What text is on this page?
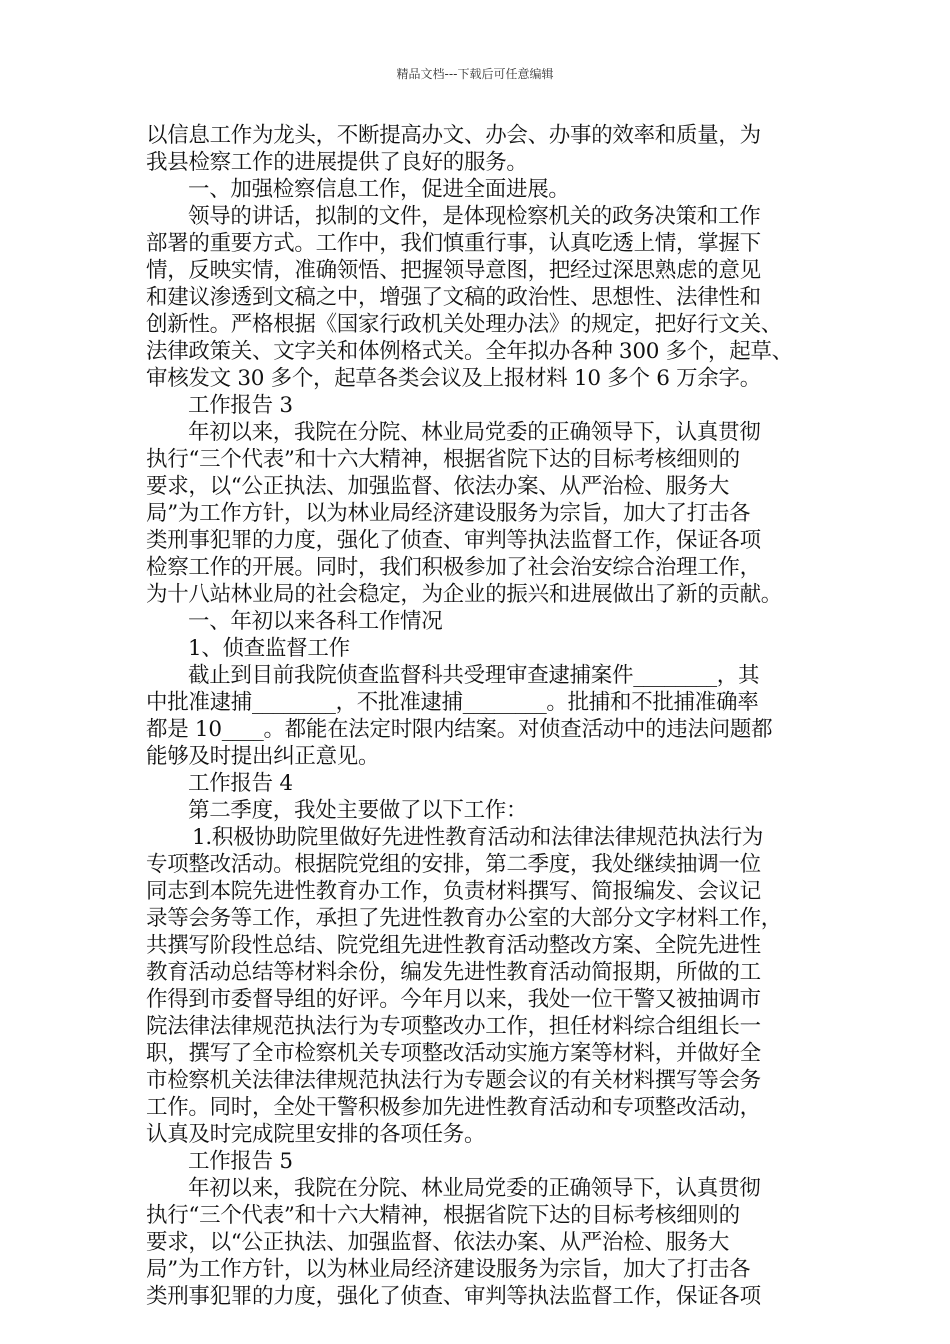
精品文档---下载后可任意编辑
以信息工作为龙头，不断提高办文、办会、办事的效率和质量，为
我县检察工作的进展提供了良好的服务。
一、加强检察信息工作，促进全面进展。
领导的讲话，拟制的文件，是体现检察机关的政务决策和工作
部署的重要方式。工作中，我们慎重行事，认真吃透上情，掌握下
情，反映实情，准确领悟、把握领导意图，把经过深思熟虑的意见
和建议渗透到文稿之中，增强了文稿的政治性、思想性、法律性和
创新性。严格根据《国家行政机关处理办法》的规定，把好行文关、
法律政策关、文字关和体例格式关。全年拟办各种 300 多个，起草、
审核发文 30 多个，起草各类会议及上报材料 10 多个 6 万余字。
工作报告 3
年初以来，我院在分院、林业局党委的正确领导下，认真贯彻
执行“三个代表”和十六大精神，根据省院下达的目标考核细则的
要求，以“公正执法、加强监督、依法办案、从严治检、服务大
局”为工作方针，以为林业局经济建设服务为宗旨，加大了打击各
类刑事犯罪的力度，强化了侦查、审判等执法监督工作，保证各项
检察工作的开展。同时，我们积极参加了社会治安综合治理工作，
为十八站林业局的社会稳定，为企业的振兴和进展做出了新的贡献。
一、年初以来各科工作情况
1、侦查监督工作
截止到目前我院侦查监督科共受理审查逮捕案件________，其
中批准逮捕________，不批准逮捕________。批捕和不批捕准确率
都是 10____。都能在法定时限内结案。对侦查活动中的违法问题都
能够及时提出纠正意见。
工作报告 4
第二季度，我处主要做了以下工作：
1.积极协助院里做好先进性教育活动和法律法律规范执法行为
专项整改活动。根据院党组的安排，第二季度，我处继续抽调一位
同志到本院先进性教育办工作，负责材料撰写、简报编发、会议记
录等会务等工作，承担了先进性教育办公室的大部分文字材料工作，
共撰写阶段性总结、院党组先进性教育活动整改方案、全院先进性
教育活动总结等材料余份，编发先进性教育活动简报期，所做的工
作得到市委督导组的好评。今年月以来，我处一位干警又被抽调市
院法律法律规范执法行为专项整改办工作，担任材料综合组组长一
职，撰写了全市检察机关专项整改活动实施方案等材料，并做好全
市检察机关法律法律规范执法行为专题会议的有关材料撰写等会务
工作。同时，全处干警积极参加先进性教育活动和专项整改活动，
认真及时完成院里安排的各项任务。
工作报告 5
年初以来，我院在分院、林业局党委的正确领导下，认真贯彻
执行“三个代表”和十六大精神，根据省院下达的目标考核细则的
要求，以“公正执法、加强监督、依法办案、从严治检、服务大
局”为工作方针，以为林业局经济建设服务为宗旨，加大了打击各
类刑事犯罪的力度，强化了侦查、审判等执法监督工作，保证各项
